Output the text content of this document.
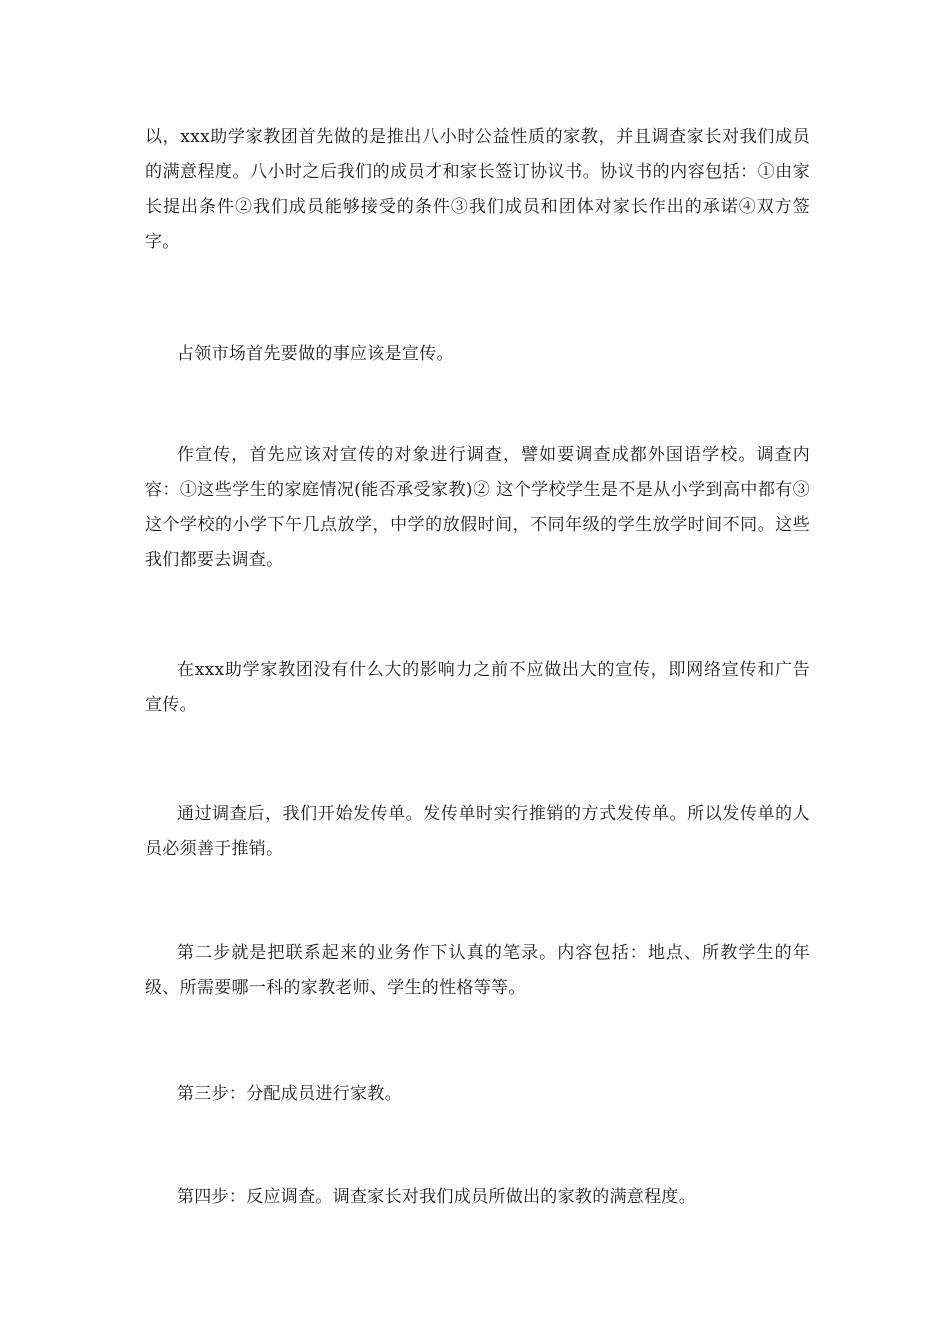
以，xxx助学家教团首先做的是推出八小时公益性质的家教，并且调查家长对我们成员的满意程度。八小时之后我们的成员才和家长签订协议书。协议书的内容包括：①由家长提出条件②我们成员能够接受的条件③我们成员和团体对家长作出的承诺④双方签字。

占领市场首先要做的事应该是宣传。

作宣传，首先应该对宣传的对象进行调查，譬如要调查成都外国语学校。调查内容：①这些学生的家庭情况(能否承受家教)② 这个学校学生是不是从小学到高中都有③这个学校的小学下午几点放学，中学的放假时间，不同年级的学生放学时间不同。这些我们都要去调查。

在xxx助学家教团没有什么大的影响力之前不应做出大的宣传，即网络宣传和广告宣传。

通过调查后，我们开始发传单。发传单时实行推销的方式发传单。所以发传单的人员必须善于推销。

第二步就是把联系起来的业务作下认真的笔录。内容包括：地点、所教学生的年级、所需要哪一科的家教老师、学生的性格等等。

第三步：分配成员进行家教。

第四步：反应调查。调查家长对我们成员所做出的家教的满意程度。
